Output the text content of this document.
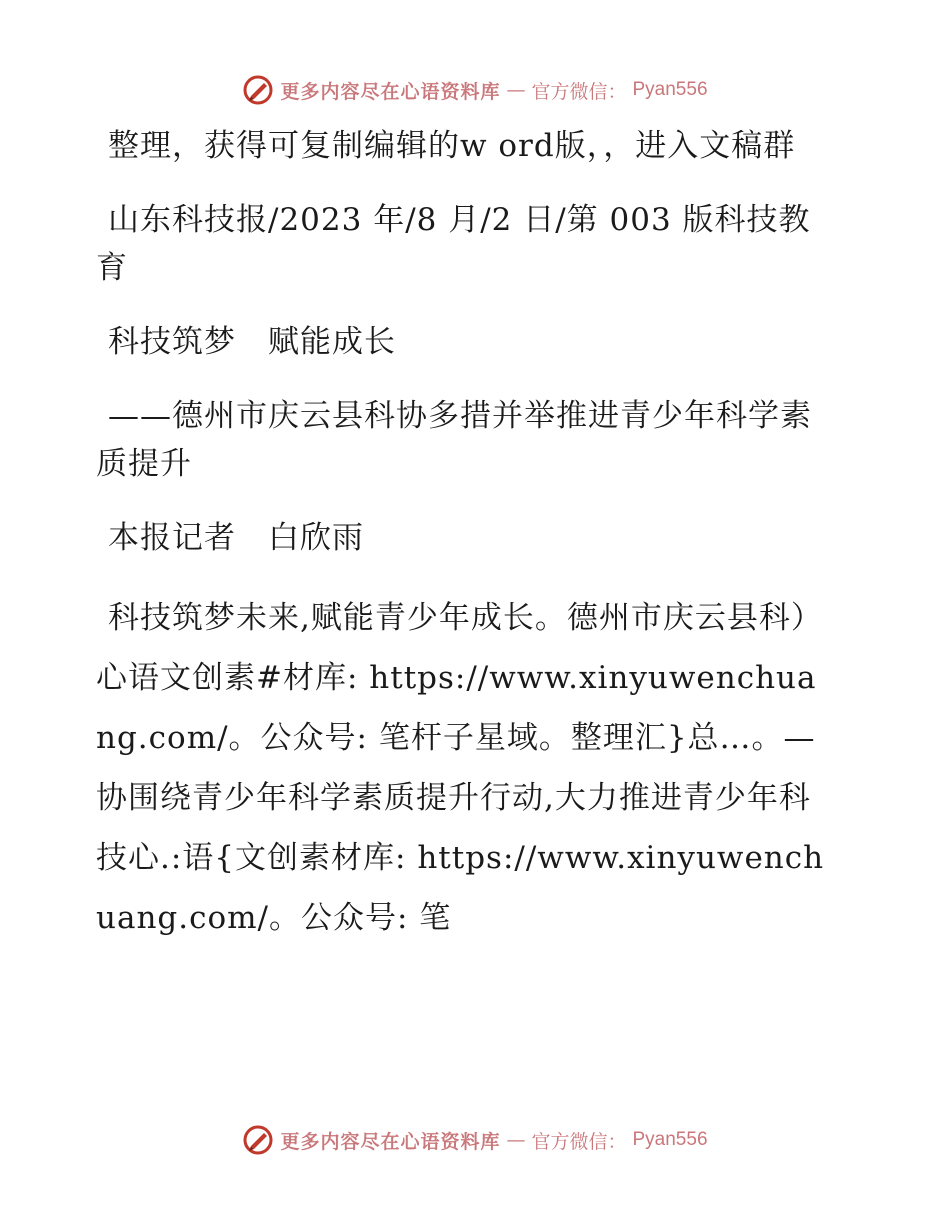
更多内容尽在心语资料库 — 官方微信： Pyan556

整理，获得可复制编辑的w ord版，，进入文稿群

山东科技报/2023 年/8 月/2 日/第 003 版科技教育

科技筑梦　赋能成长

——德州市庆云县科协多措并举推进青少年科学素质提升

本报记者　白欣雨

科技筑梦未来,赋能青少年成长。德州市庆云县科）心语文创素#材库: https://www.xinyuwenchuang.com/。公众号: 笔杆子星域。整理汇}总…。—协围绕青少年科学素质提升行动,大力推进青少年科技心.:语{文创素材库: https://www.xinyuwenchuang.com/。公众号: 笔

更多内容尽在心语资料库 — 官方微信： Pyan556
